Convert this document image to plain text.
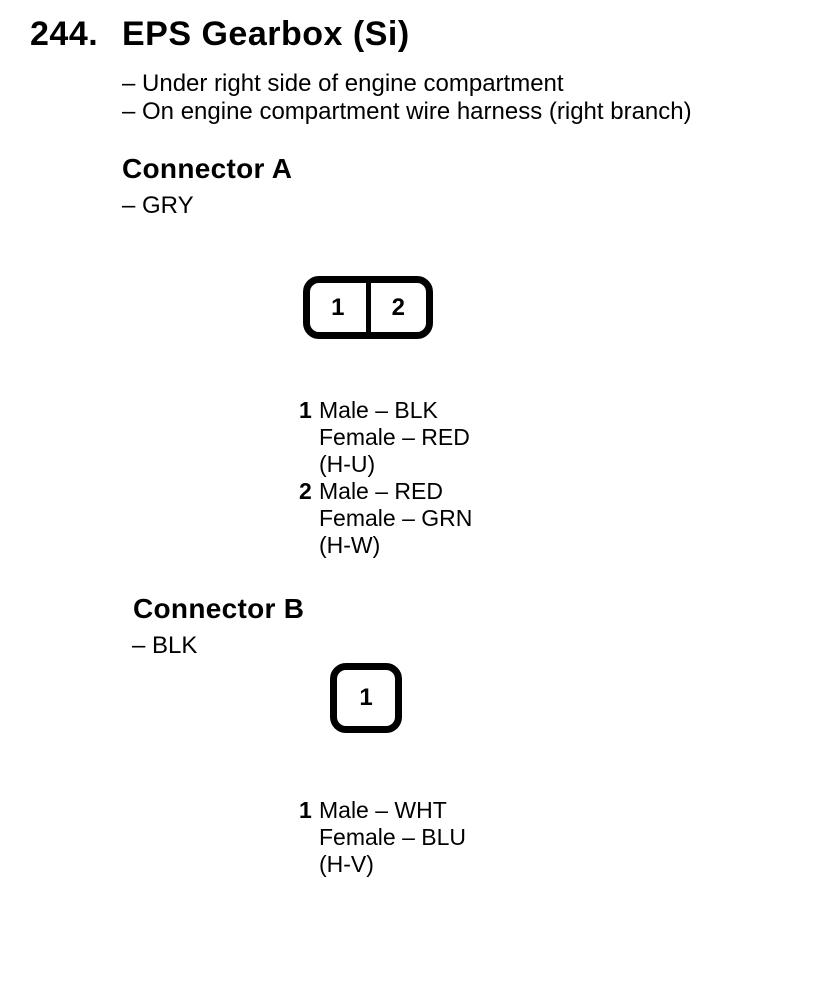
244. EPS Gearbox (Si)
– Under right side of engine compartment
– On engine compartment wire harness (right branch)
Connector A
– GRY
1 2
1 Male – BLK
Female – RED
(H-U)
2 Male – RED
Female – GRN
(H-W)
Connector B
– BLK
1
1 Male – WHT
Female – BLU
(H-V)
